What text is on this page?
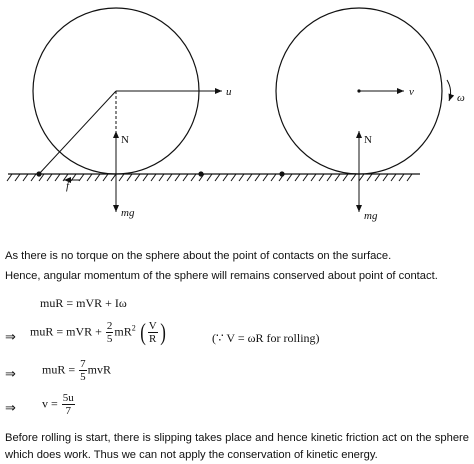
u
N
f
mg
v	ω
N
mg
As there is no torque on the sphere about the point of contacts on the surface.
Hence, angular momentum of the sphere will remains conserved about point of contact.
muR = mVR + Iω
⇒ muR = mVR + $\frac{2}{5} mR^2$ ( $\frac{V}{R}$ )	(∵ V = ωR for rolling)
⇒ muR = $\frac{7}{5}$ mvR
⇒ $v = \frac{5u}{7}$
Before rolling is start, there is slipping takes place and hence kinetic friction act on the sphere which does work. Thus we can not apply the conservation of kinetic energy.
